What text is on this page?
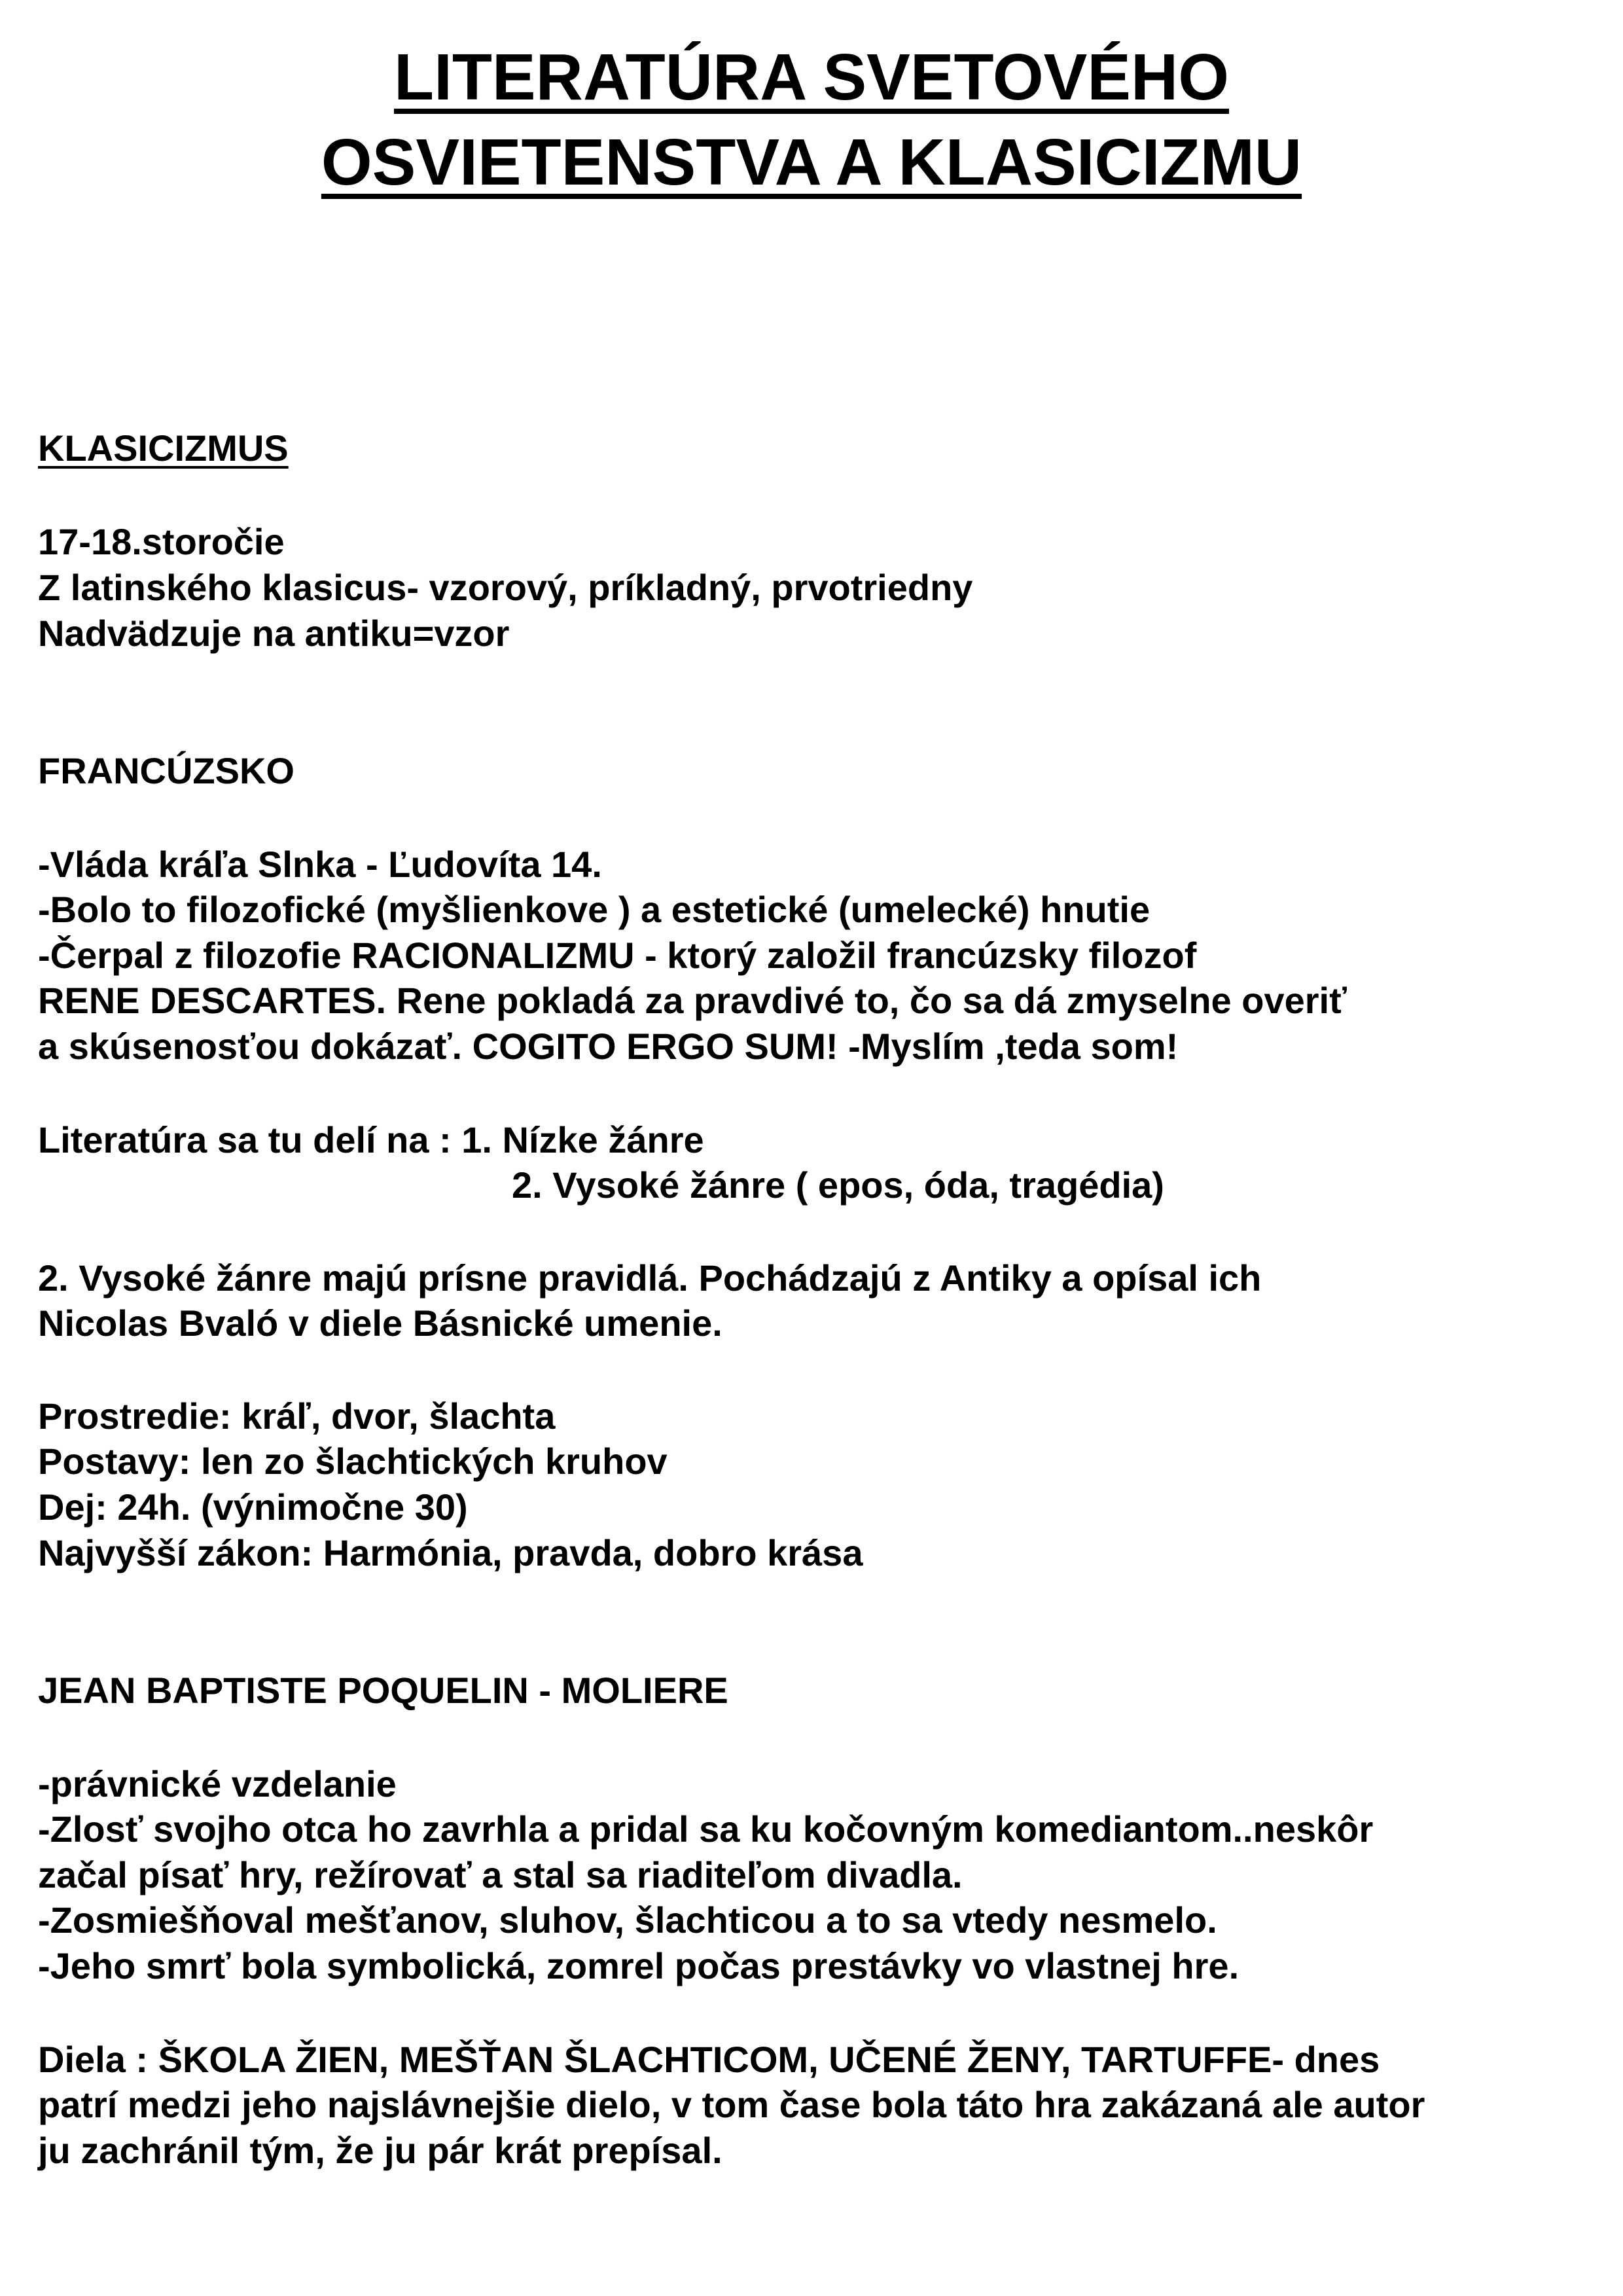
LITERATÚRA SVETOVÉHO
OSVIETENSTVA A KLASICIZMU

KLASICIZMUS

17-18.storočie

Z latinského klasicus- vzorový, príkladný, prvotriedny

Nadvädzuje na antiku=vzor

FRANCÚZSKO

-Vláda kráľa Slnka - Ľudovíta 14.

-Bolo to filozofické (myšlienkove ) a estetické (umelecké) hnutie

-Čerpal z filozofie RACIONALIZMU - ktorý založil francúzsky filozof

RENE DESCARTES. Rene pokladá za pravdivé to, čo sa dá zmyselne overiť

a skúsenosťou dokázať. COGITO ERGO SUM! -Myslím ,teda som!

Literatúra sa tu delí na : 1. Nízke žánre

2. Vysoké žánre ( epos, óda, tragédia)

2. Vysoké žánre majú prísne pravidlá. Pochádzajú z Antiky a opísal ich

Nicolas Bvaló v diele Básnické umenie.

Prostredie: kráľ, dvor, šlachta

Postavy: len zo šlachtických kruhov

Dej: 24h. (výnimočne 30)

Najvyšší zákon: Harmónia, pravda, dobro krása

JEAN BAPTISTE POQUELIN - MOLIERE

-právnické vzdelanie

-Zlosť svojho otca ho zavrhla a pridal sa ku kočovným komediantom..neskôr

začal písať hry, režírovať a stal sa riaditeľom divadla.

-Zosmiešňoval mešťanov, sluhov, šlachticou a to sa vtedy nesmelo.

-Jeho smrť bola symbolická, zomrel počas prestávky vo vlastnej hre.

Diela : ŠKOLA ŽIEN, MEŠŤAN ŠLACHTICOM, UČENÉ ŽENY, TARTUFFE- dnes

patrí medzi jeho najslávnejšie dielo, v tom čase bola táto hra zakázaná ale autor

ju zachránil tým, že ju pár krát prepísal.
